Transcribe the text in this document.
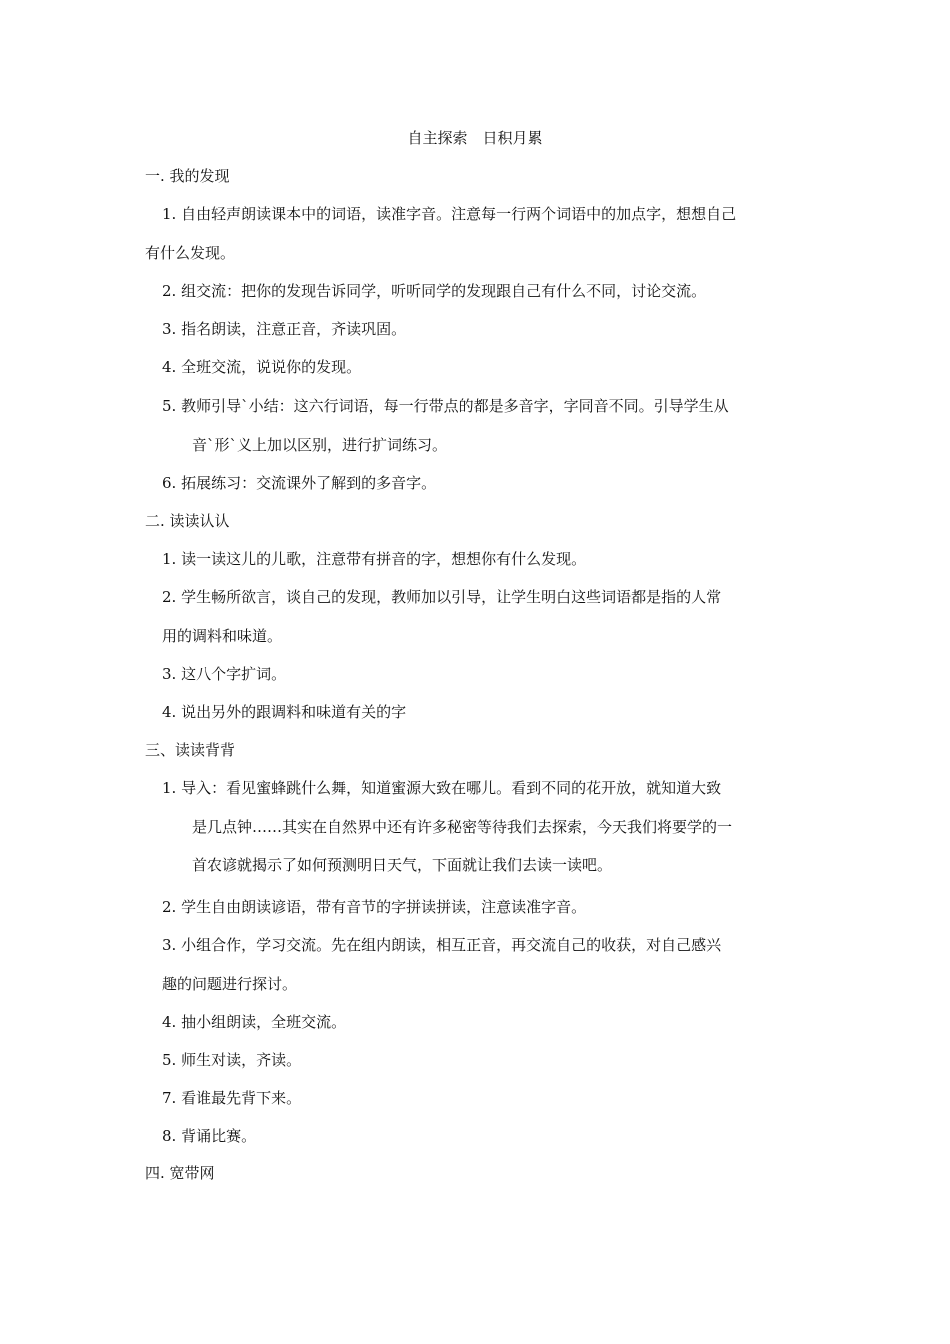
自主探索　日积月累
一. 我的发现
1. 自由轻声朗读课本中的词语，读准字音。注意每一行两个词语中的加点字，想想自己
有什么发现。
2. 组交流：把你的发现告诉同学，听听同学的发现跟自己有什么不同，讨论交流。
3. 指名朗读，注意正音，齐读巩固。
4. 全班交流，说说你的发现。
5. 教师引导`小结：这六行词语，每一行带点的都是多音字，字同音不同。引导学生从
音`形`义上加以区别，进行扩词练习。
6. 拓展练习：交流课外了解到的多音字。
二. 读读认认
1. 读一读这儿的儿歌，注意带有拼音的字，想想你有什么发现。
2. 学生畅所欲言，谈自己的发现，教师加以引导，让学生明白这些词语都是指的人常
用的调料和味道。
3. 这八个字扩词。
4. 说出另外的跟调料和味道有关的字
三、读读背背
1. 导入：看见蜜蜂跳什么舞，知道蜜源大致在哪儿。看到不同的花开放，就知道大致
是几点钟……其实在自然界中还有许多秘密等待我们去探索，今天我们将要学的一
首农谚就揭示了如何预测明日天气，下面就让我们去读一读吧。
2. 学生自由朗读谚语，带有音节的字拼读拼读，注意读准字音。
3. 小组合作，学习交流。先在组内朗读，相互正音，再交流自己的收获，对自己感兴
趣的问题进行探讨。
4. 抽小组朗读，全班交流。
5. 师生对读，齐读。
7. 看谁最先背下来。
8. 背诵比赛。
四. 宽带网
